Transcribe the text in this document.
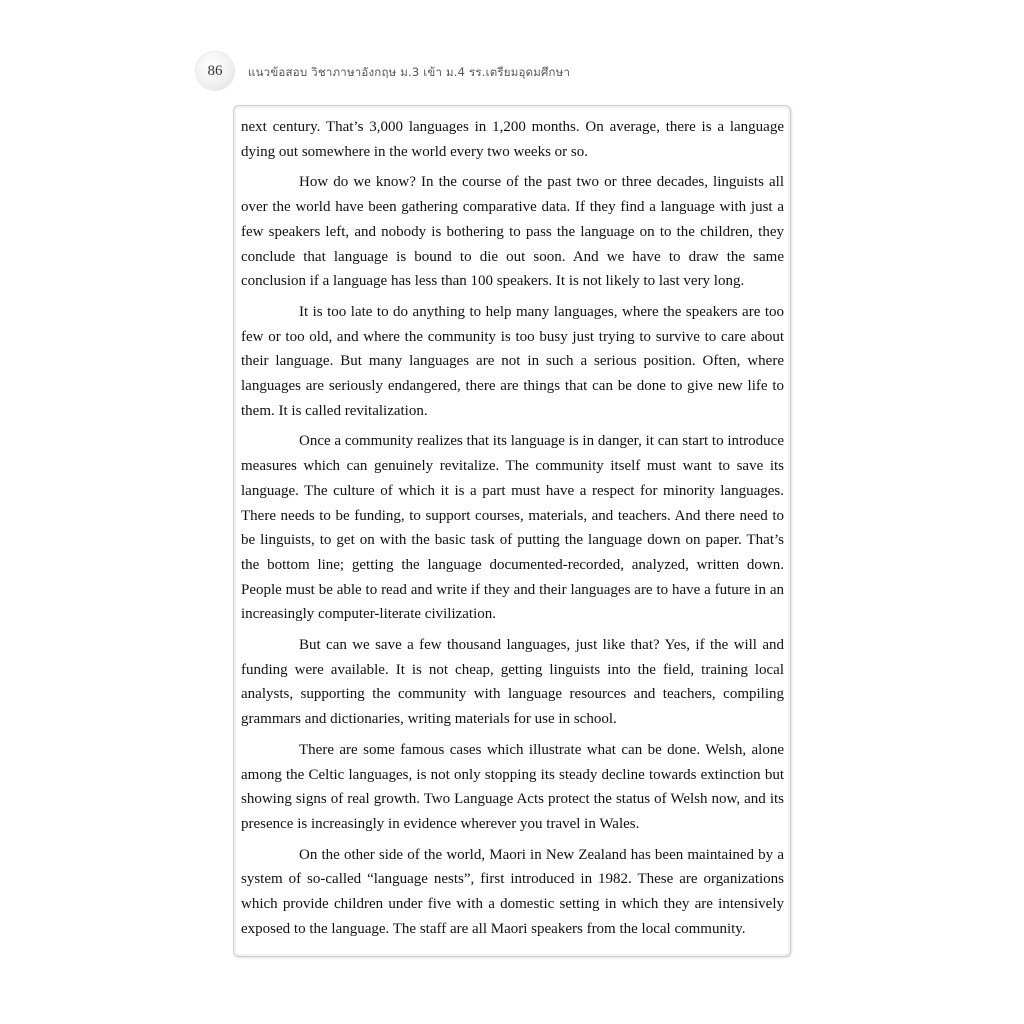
86 แนวข้อสอบ วิชาภาษาอังกฤษ ม.3 เข้า ม.4 รร.เตรียมอุดมศึกษา

next century. That’s 3,000 languages in 1,200 months. On average, there is a language dying out somewhere in the world every two weeks or so.

How do we know? In the course of the past two or three decades, linguists all over the world have been gathering comparative data. If they find a language with just a few speakers left, and nobody is bothering to pass the language on to the children, they conclude that language is bound to die out soon. And we have to draw the same conclusion if a language has less than 100 speakers. It is not likely to last very long.

It is too late to do anything to help many languages, where the speakers are too few or too old, and where the community is too busy just trying to survive to care about their language. But many languages are not in such a serious position. Often, where languages are seriously endangered, there are things that can be done to give new life to them. It is called revitalization.

Once a community realizes that its language is in danger, it can start to introduce measures which can genuinely revitalize. The community itself must want to save its language. The culture of which it is a part must have a respect for minority languages. There needs to be funding, to support courses, materials, and teachers. And there need to be linguists, to get on with the basic task of putting the language down on paper. That’s the bottom line; getting the language documented-recorded, analyzed, written down. People must be able to read and write if they and their languages are to have a future in an increasingly computer-literate civilization.

But can we save a few thousand languages, just like that? Yes, if the will and funding were available. It is not cheap, getting linguists into the field, training local analysts, supporting the community with language resources and teachers, compiling grammars and dictionaries, writing materials for use in school.

There are some famous cases which illustrate what can be done. Welsh, alone among the Celtic languages, is not only stopping its steady decline towards extinction but showing signs of real growth. Two Language Acts protect the status of Welsh now, and its presence is increasingly in evidence wherever you travel in Wales.

On the other side of the world, Maori in New Zealand has been maintained by a system of so-called “language nests”, first introduced in 1982. These are organizations which provide children under five with a domestic setting in which they are intensively exposed to the language. The staff are all Maori speakers from the local community.
